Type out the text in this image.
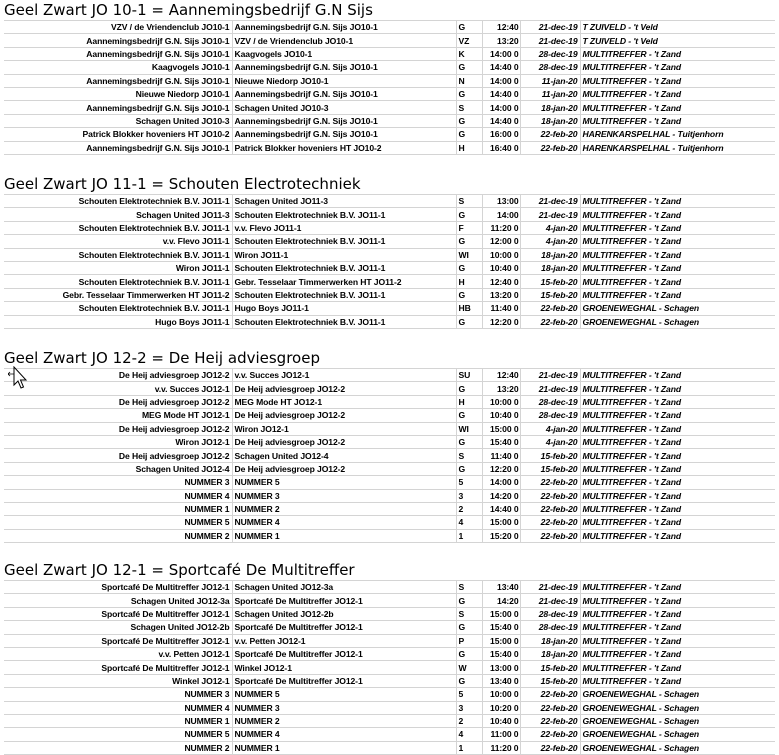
Geel Zwart JO 10-1 = Aannemingsbedrijf G.N Sijs
VZV / de Vriendenclub JO10-1	Aannemingsbedrijf G.N. Sijs JO10-1	G	12:40	21-dec-19	T ZUIVELD - 't Veld
Aannemingsbedrijf G.N. Sijs JO10-1	VZV / de Vriendenclub JO10-1	VZ	13:20	21-dec-19	T ZUIVELD - 't Veld
Aannemingsbedrijf G.N. Sijs JO10-1	Kaagvogels JO10-1	K	14:00 0	28-dec-19	MULTITREFFER - 't Zand
Kaagvogels JO10-1	Aannemingsbedrijf G.N. Sijs JO10-1	G	14:40 0	28-dec-19	MULTITREFFER - 't Zand
Aannemingsbedrijf G.N. Sijs JO10-1	Nieuwe Niedorp JO10-1	N	14:00 0	11-jan-20	MULTITREFFER - 't Zand
Nieuwe Niedorp JO10-1	Aannemingsbedrijf G.N. Sijs JO10-1	G	14:40 0	11-jan-20	MULTITREFFER - 't Zand
Aannemingsbedrijf G.N. Sijs JO10-1	Schagen United JO10-3	S	14:00 0	18-jan-20	MULTITREFFER - 't Zand
Schagen United JO10-3	Aannemingsbedrijf G.N. Sijs JO10-1	G	14:40 0	18-jan-20	MULTITREFFER - 't Zand
Patrick Blokker hoveniers HT JO10-2	Aannemingsbedrijf G.N. Sijs JO10-1	G	16:00 0	22-feb-20	HARENKARSPELHAL - Tuitjenhorn
Aannemingsbedrijf G.N. Sijs JO10-1	Patrick Blokker hoveniers HT JO10-2	H	16:40 0	22-feb-20	HARENKARSPELHAL - Tuitjenhorn
Geel Zwart JO 11-1 = Schouten Electrotechniek
Schouten Elektrotechniek B.V. JO11-1	Schagen United JO11-3	S	13:00	21-dec-19	MULTITREFFER - 't Zand
Schagen United JO11-3	Schouten Elektrotechniek B.V. JO11-1	G	14:00	21-dec-19	MULTITREFFER - 't Zand
Schouten Elektrotechniek B.V. JO11-1	v.v. Flevo JO11-1	F	11:20 0	4-jan-20	MULTITREFFER - 't Zand
v.v. Flevo JO11-1	Schouten Elektrotechniek B.V. JO11-1	G	12:00 0	4-jan-20	MULTITREFFER - 't Zand
Schouten Elektrotechniek B.V. JO11-1	Wiron JO11-1	WI	10:00 0	18-jan-20	MULTITREFFER - 't Zand
Wiron JO11-1	Schouten Elektrotechniek B.V. JO11-1	G	10:40 0	18-jan-20	MULTITREFFER - 't Zand
Schouten Elektrotechniek B.V. JO11-1	Gebr. Tesselaar Timmerwerken HT JO11-2	H	12:40 0	15-feb-20	MULTITREFFER - 't Zand
Gebr. Tesselaar Timmerwerken HT JO11-2	Schouten Elektrotechniek B.V. JO11-1	G	13:20 0	15-feb-20	MULTITREFFER - 't Zand
Schouten Elektrotechniek B.V. JO11-1	Hugo Boys JO11-1	HB	11:40 0	22-feb-20	GROENEWEGHAL - Schagen
Hugo Boys JO11-1	Schouten Elektrotechniek B.V. JO11-1	G	12:20 0	22-feb-20	GROENEWEGHAL - Schagen
Geel Zwart JO 12-2 = De Heij adviesgroep
De Heij adviesgroep JO12-2	v.v. Succes JO12-1	SU	12:40	21-dec-19	MULTITREFFER - 't Zand
v.v. Succes JO12-1	De Heij adviesgroep JO12-2	G	13:20	21-dec-19	MULTITREFFER - 't Zand
De Heij adviesgroep JO12-2	MEG Mode HT JO12-1	H	10:00 0	28-dec-19	MULTITREFFER - 't Zand
MEG Mode HT JO12-1	De Heij adviesgroep JO12-2	G	10:40 0	28-dec-19	MULTITREFFER - 't Zand
De Heij adviesgroep JO12-2	Wiron JO12-1	WI	15:00 0	4-jan-20	MULTITREFFER - 't Zand
Wiron JO12-1	De Heij adviesgroep JO12-2	G	15:40 0	4-jan-20	MULTITREFFER - 't Zand
De Heij adviesgroep JO12-2	Schagen United JO12-4	S	11:40 0	15-feb-20	MULTITREFFER - 't Zand
Schagen United JO12-4	De Heij adviesgroep JO12-2	G	12:20 0	15-feb-20	MULTITREFFER - 't Zand
NUMMER 3	NUMMER 5	5	14:00 0	22-feb-20	MULTITREFFER - 't Zand
NUMMER 4	NUMMER 3	3	14:20 0	22-feb-20	MULTITREFFER - 't Zand
NUMMER 1	NUMMER 2	2	14:40 0	22-feb-20	MULTITREFFER - 't Zand
NUMMER 5	NUMMER 4	4	15:00 0	22-feb-20	MULTITREFFER - 't Zand
NUMMER 2	NUMMER 1	1	15:20 0	22-feb-20	MULTITREFFER - 't Zand
Geel Zwart JO 12-1 = Sportcafé De Multitreffer
Sportcafé De Multitreffer JO12-1	Schagen United JO12-3a	S	13:40	21-dec-19	MULTITREFFER - 't Zand
Schagen United JO12-3a	Sportcafé De Multitreffer JO12-1	G	14:20	21-dec-19	MULTITREFFER - 't Zand
Sportcafé De Multitreffer JO12-1	Schagen United JO12-2b	S	15:00 0	28-dec-19	MULTITREFFER - 't Zand
Schagen United JO12-2b	Sportcafé De Multitreffer JO12-1	G	15:40 0	28-dec-19	MULTITREFFER - 't Zand
Sportcafé De Multitreffer JO12-1	v.v. Petten JO12-1	P	15:00 0	18-jan-20	MULTITREFFER - 't Zand
v.v. Petten JO12-1	Sportcafé De Multitreffer JO12-1	G	15:40 0	18-jan-20	MULTITREFFER - 't Zand
Sportcafé De Multitreffer JO12-1	Winkel JO12-1	W	13:00 0	15-feb-20	MULTITREFFER - 't Zand
Winkel JO12-1	Sportcafé De Multitreffer JO12-1	G	13:40 0	15-feb-20	MULTITREFFER - 't Zand
NUMMER 3	NUMMER 5	5	10:00 0	22-feb-20	GROENEWEGHAL - Schagen
NUMMER 4	NUMMER 3	3	10:20 0	22-feb-20	GROENEWEGHAL - Schagen
NUMMER 1	NUMMER 2	2	10:40 0	22-feb-20	GROENEWEGHAL - Schagen
NUMMER 5	NUMMER 4	4	11:00 0	22-feb-20	GROENEWEGHAL - Schagen
NUMMER 2	NUMMER 1	1	11:20 0	22-feb-20	GROENEWEGHAL - Schagen
